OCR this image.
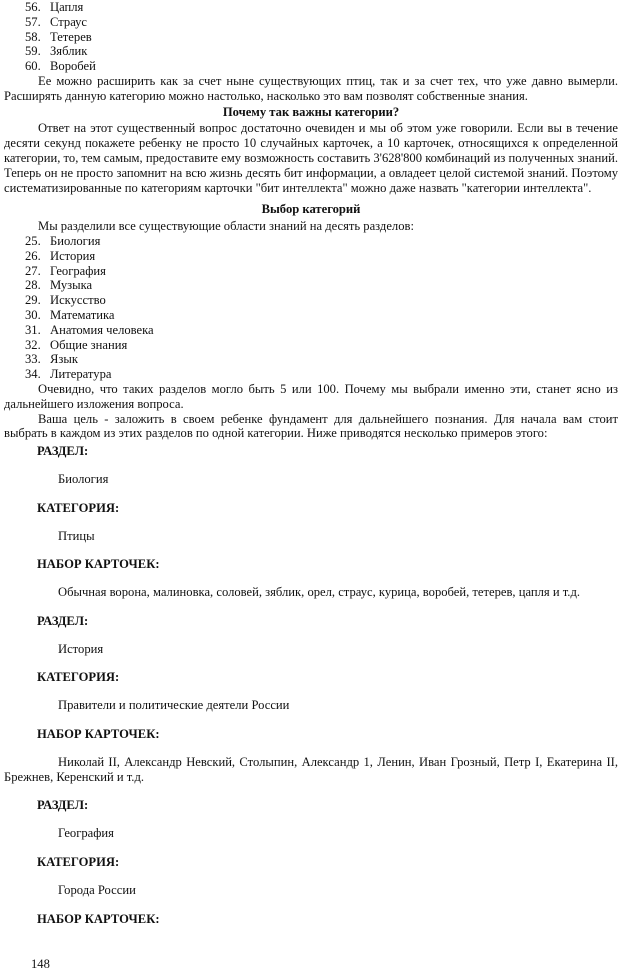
56. Цапля
57. Страус
58. Тетерев
59. Зяблик
60. Воробей

Ее можно расширить как за счет ныне существующих птиц, так и за счет тех, что уже давно вымерли. Расширять данную категорию можно настолько, насколько это вам позволят собственные знания.

Почему так важны категории?

Ответ на этот существенный вопрос достаточно очевиден и мы об этом уже говорили. Если вы в течение десяти секунд покажете ребенку не просто 10 случайных карточек, а 10 карточек, относящихся к определенной категории, то, тем самым, предоставите ему возможность составить 3'628'800 комбинаций из полученных знаний. Теперь он не просто запомнит на всю жизнь десять бит информации, а овладеет целой системой знаний. Поэтому систематизированные по категориям карточки "бит интеллекта" можно даже назвать "категории интеллекта".

Выбор категорий

Мы разделили все существующие области знаний на десять разделов:

25. Биология
26. История
27. География
28. Музыка
29. Искусство
30. Математика
31. Анатомия человека
32. Общие знания
33. Язык
34. Литература

Очевидно, что таких разделов могло быть 5 или 100. Почему мы выбрали именно эти, станет ясно из дальнейшего изложения вопроса.

Ваша цель - заложить в своем ребенке фундамент для дальнейшего познания. Для начала вам стоит выбрать в каждом из этих разделов по одной категории. Ниже приводятся несколько примеров этого:

РАЗДЕЛ:
Биология
КАТЕГОРИЯ:
Птицы
НАБОР КАРТОЧЕК:
Обычная ворона, малиновка, соловей, зяблик, орел, страус, курица, воробей, тетерев, цапля и т.д.
РАЗДЕЛ:
История
КАТЕГОРИЯ:
Правители и политические деятели России
НАБОР КАРТОЧЕК:

Николай II, Александр Невский, Столыпин, Александр 1, Ленин, Иван Грозный, Петр I, Екатерина II, Брежнев, Керенский и т.д.

РАЗДЕЛ:
География
КАТЕГОРИЯ:
Города России
НАБОР КАРТОЧЕК:
148
